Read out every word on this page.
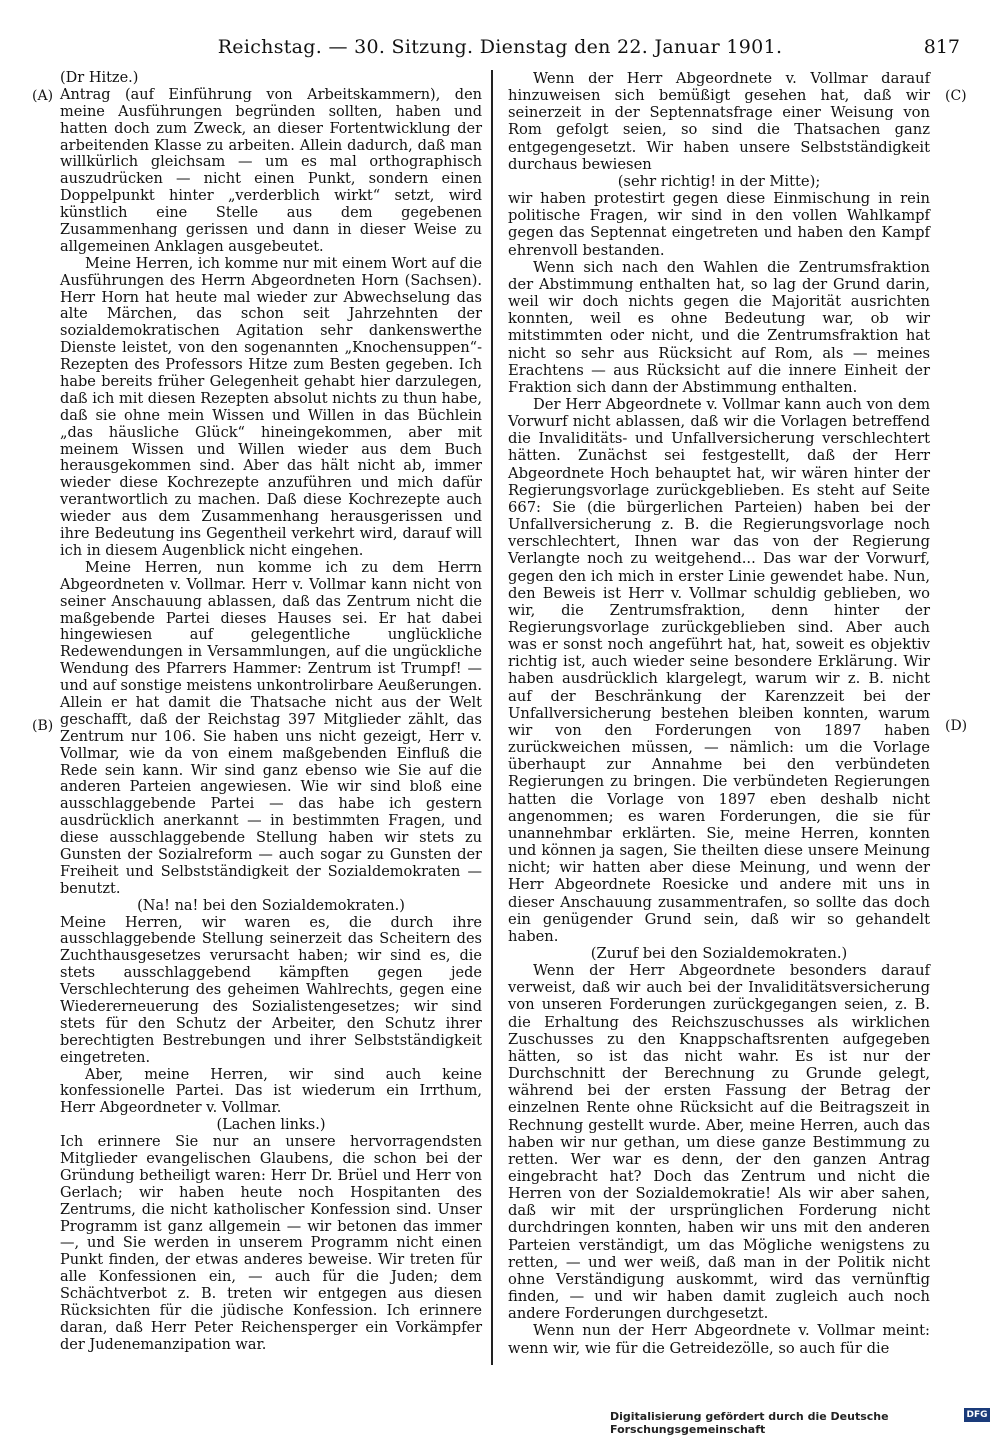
Reichstag. — 30. Sitzung. Dienstag den 22. Januar 1901.	817
(A)
(B)
(C)
(D)

(Dr Hitze.)

Antrag (auf Einführung von Arbeitskammern), den meine Ausführungen begründen sollten, haben und hatten doch zum Zweck, an dieser Fortentwicklung der arbeitenden Klasse zu arbeiten. Allein dadurch, daß man willkürlich gleichsam — um es mal orthographisch auszudrücken — nicht einen Punkt, sondern einen Doppelpunkt hinter „verderblich wirkt“ setzt, wird künstlich eine Stelle aus dem gegebenen Zusammenhang gerissen und dann in dieser Weise zu allgemeinen Anklagen ausgebeutet.

Meine Herren, ich komme nur mit einem Wort auf die Ausführungen des Herrn Abgeordneten Horn (Sachsen). Herr Horn hat heute mal wieder zur Abwechselung das alte Märchen, das schon seit Jahrzehnten der sozialdemokratischen Agitation sehr dankenswerthe Dienste leistet, von den sogenannten „Knochensuppen“-Rezepten des Professors Hitze zum Besten gegeben. Ich habe bereits früher Gelegenheit gehabt hier darzulegen, daß ich mit diesen Rezepten absolut nichts zu thun habe, daß sie ohne mein Wissen und Willen in das Büchlein „das häusliche Glück“ hineingekommen, aber mit meinem Wissen und Willen wieder aus dem Buch herausgekommen sind. Aber das hält nicht ab, immer wieder diese Kochrezepte anzuführen und mich dafür verantwortlich zu machen. Daß diese Kochrezepte auch wieder aus dem Zusammenhang herausgerissen und ihre Bedeutung ins Gegentheil verkehrt wird, darauf will ich in diesem Augenblick nicht eingehen.

Meine Herren, nun komme ich zu dem Herrn Abgeordneten v. Vollmar. Herr v. Vollmar kann nicht von seiner Anschauung ablassen, daß das Zentrum nicht die maßgebende Partei dieses Hauses sei. Er hat dabei hingewiesen auf gelegentliche unglückliche Redewendungen in Versammlungen, auf die ungückliche Wendung des Pfarrers Hammer: Zentrum ist Trumpf! — und auf sonstige meistens unkontrolirbare Aeußerungen. Allein er hat damit die Thatsache nicht aus der Welt geschafft, daß der Reichstag 397 Mitglieder zählt, das Zentrum nur 106. Sie haben uns nicht gezeigt, Herr v. Vollmar, wie da von einem maßgebenden Einfluß die Rede sein kann. Wir sind ganz ebenso wie Sie auf die anderen Parteien angewiesen. Wie wir sind bloß eine ausschlaggebende Partei — das habe ich gestern ausdrücklich anerkannt — in bestimmten Fragen, und diese ausschlaggebende Stellung haben wir stets zu Gunsten der Sozialreform — auch sogar zu Gunsten der Freiheit und Selbstständigkeit der Sozialdemokraten — benutzt.

(Na! na! bei den Sozialdemokraten.)

Meine Herren, wir waren es, die durch ihre ausschlaggebende Stellung seinerzeit das Scheitern des Zuchthausgesetzes verursacht haben; wir sind es, die stets ausschlaggebend kämpften gegen jede Verschlechterung des geheimen Wahlrechts, gegen eine Wiedererneuerung des Sozialistengesetzes; wir sind stets für den Schutz der Arbeiter, den Schutz ihrer berechtigten Bestrebungen und ihrer Selbstständigkeit eingetreten.

Aber, meine Herren, wir sind auch keine konfessionelle Partei. Das ist wiederum ein Irrthum, Herr Abgeordneter v. Vollmar.

(Lachen links.)

Ich erinnere Sie nur an unsere hervorragendsten Mitglieder evangelischen Glaubens, die schon bei der Gründung betheiligt waren: Herr Dr. Brüel und Herr von Gerlach; wir haben heute noch Hospitanten des Zentrums, die nicht katholischer Konfession sind. Unser Programm ist ganz allgemein — wir betonen das immer —, und Sie werden in unserem Programm nicht einen Punkt finden, der etwas anderes beweise. Wir treten für alle Konfessionen ein, — auch für die Juden; dem Schächtverbot z. B. treten wir entgegen aus diesen Rücksichten für die jüdische Konfession. Ich erinnere daran, daß Herr Peter Reichensperger ein Vorkämpfer der Judenemanzipation war.

Wenn der Herr Abgeordnete v. Vollmar darauf hinzuweisen sich bemüßigt gesehen hat, daß wir seinerzeit in der Septennatsfrage einer Weisung von Rom gefolgt seien, so sind die Thatsachen ganz entgegengesetzt. Wir haben unsere Selbstständigkeit durchaus bewiesen

(sehr richtig! in der Mitte);

wir haben protestirt gegen diese Einmischung in rein politische Fragen, wir sind in den vollen Wahlkampf gegen das Septennat eingetreten und haben den Kampf ehrenvoll bestanden.

Wenn sich nach den Wahlen die Zentrumsfraktion der Abstimmung enthalten hat, so lag der Grund darin, weil wir doch nichts gegen die Majorität ausrichten konnten, weil es ohne Bedeutung war, ob wir mitstimmten oder nicht, und die Zentrumsfraktion hat nicht so sehr aus Rücksicht auf Rom, als — meines Erachtens — aus Rücksicht auf die innere Einheit der Fraktion sich dann der Abstimmung enthalten.

Der Herr Abgeordnete v. Vollmar kann auch von dem Vorwurf nicht ablassen, daß wir die Vorlagen betreffend die Invaliditäts- und Unfallversicherung verschlechtert hätten. Zunächst sei festgestellt, daß der Herr Abgeordnete Hoch behauptet hat, wir wären hinter der Regierungsvorlage zurückgeblieben. Es steht auf Seite 667: Sie (die bürgerlichen Parteien) haben bei der Unfallversicherung z. B. die Regierungsvorlage noch verschlechtert, Ihnen war das von der Regierung Verlangte noch zu weitgehend... Das war der Vorwurf, gegen den ich mich in erster Linie gewendet habe. Nun, den Beweis ist Herr v. Vollmar schuldig geblieben, wo wir, die Zentrumsfraktion, denn hinter der Regierungsvorlage zurückgeblieben sind. Aber auch was er sonst noch angeführt hat, hat, soweit es objektiv richtig ist, auch wieder seine besondere Erklärung. Wir haben ausdrücklich klargelegt, warum wir z. B. nicht auf der Beschränkung der Karenzzeit bei der Unfallversicherung bestehen bleiben konnten, warum wir von den Forderungen von 1897 haben zurückweichen müssen, — nämlich: um die Vorlage überhaupt zur Annahme bei den verbündeten Regierungen zu bringen. Die verbündeten Regierungen hatten die Vorlage von 1897 eben deshalb nicht angenommen; es waren Forderungen, die sie für unannehmbar erklärten. Sie, meine Herren, konnten und können ja sagen, Sie theilten diese unsere Meinung nicht; wir hatten aber diese Meinung, und wenn der Herr Abgeordnete Roesicke und andere mit uns in dieser Anschauung zusammentrafen, so sollte das doch ein genügender Grund sein, daß wir so gehandelt haben.

(Zuruf bei den Sozialdemokraten.)

Wenn der Herr Abgeordnete besonders darauf verweist, daß wir auch bei der Invaliditätsversicherung von unseren Forderungen zurückgegangen seien, z. B. die Erhaltung des Reichszuschusses als wirklichen Zuschusses zu den Knappschaftsrenten aufgegeben hätten, so ist das nicht wahr. Es ist nur der Durchschnitt der Berechnung zu Grunde gelegt, während bei der ersten Fassung der Betrag der einzelnen Rente ohne Rücksicht auf die Beitragszeit in Rechnung gestellt wurde. Aber, meine Herren, auch das haben wir nur gethan, um diese ganze Bestimmung zu retten. Wer war es denn, der den ganzen Antrag eingebracht hat? Doch das Zentrum und nicht die Herren von der Sozialdemokratie! Als wir aber sahen, daß wir mit der ursprünglichen Forderung nicht durchdringen konnten, haben wir uns mit den anderen Parteien verständigt, um das Mögliche wenigstens zu retten, — und wer weiß, daß man in der Politik nicht ohne Verständigung auskommt, wird das vernünftig finden, — und wir haben damit zugleich auch noch andere Forderungen durchgesetzt.

Wenn nun der Herr Abgeordnete v. Vollmar meint: wenn wir, wie für die Getreidezölle, so auch für die

Digitalisierung gefördert durch die Deutsche Forschungsgemeinschaft
DFG
